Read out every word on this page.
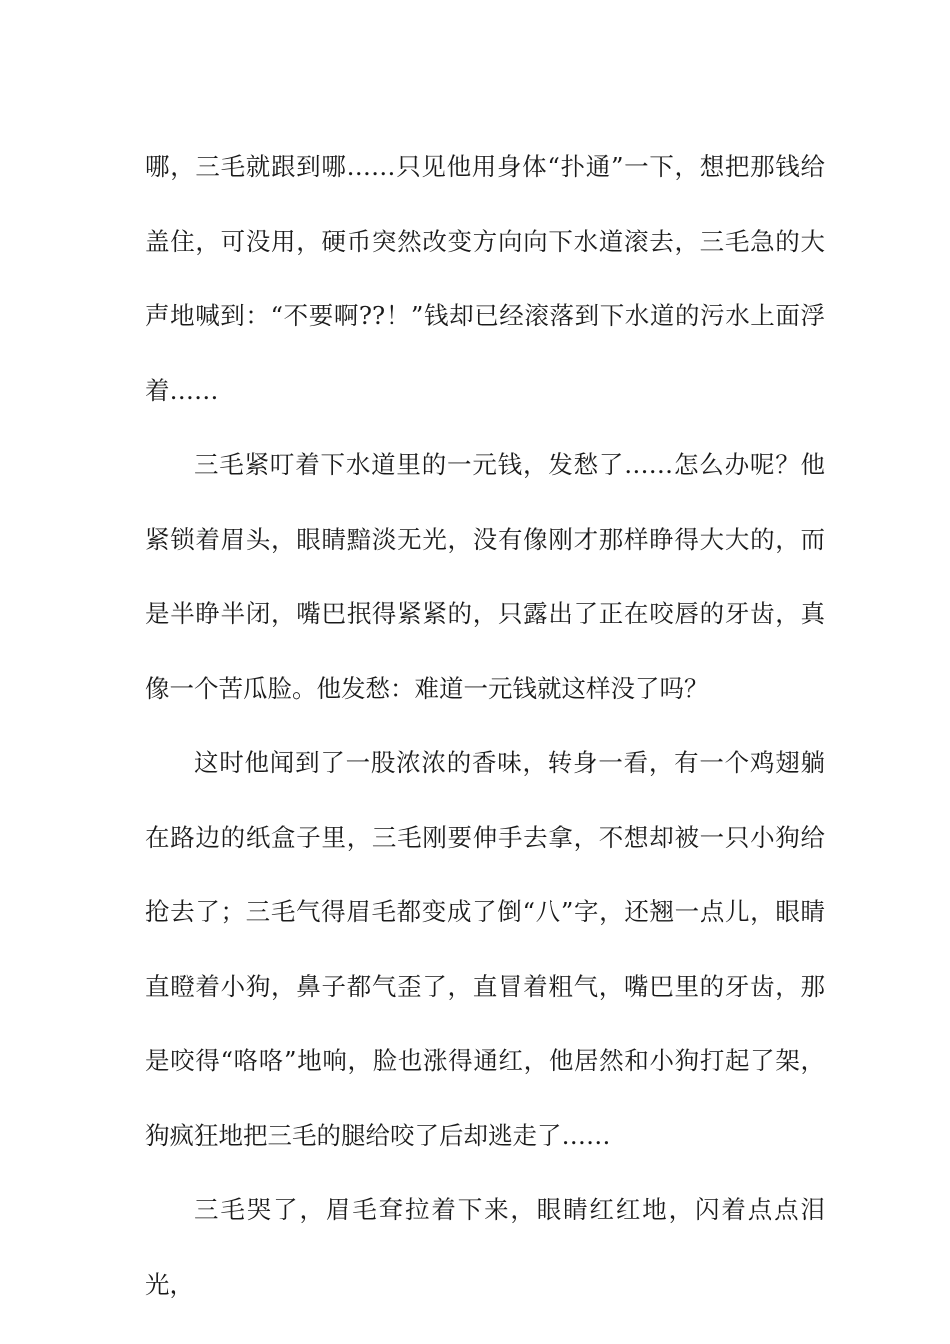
哪，三毛就跟到哪……只见他用身体“扑通”一下，想把那钱给盖住，可没用，硬币突然改变方向向下水道滚去，三毛急的大声地喊到：“不要啊??！”钱却已经滚落到下水道的污水上面浮着……

三毛紧叮着下水道里的一元钱，发愁了……怎么办呢？他紧锁着眉头，眼睛黯淡无光，没有像刚才那样睁得大大的，而是半睁半闭，嘴巴抿得紧紧的，只露出了正在咬唇的牙齿，真像一个苦瓜脸。他发愁：难道一元钱就这样没了吗？

这时他闻到了一股浓浓的香味，转身一看，有一个鸡翅躺在路边的纸盒子里，三毛刚要伸手去拿，不想却被一只小狗给抢去了；三毛气得眉毛都变成了倒“八”字，还翘一点儿，眼睛直瞪着小狗，鼻子都气歪了，直冒着粗气，嘴巴里的牙齿，那是咬得“咯咯”地响，脸也涨得通红，他居然和小狗打起了架，狗疯狂地把三毛的腿给咬了后却逃走了……

三毛哭了，眉毛耷拉着下来，眼睛红红地，闪着点点泪光，
